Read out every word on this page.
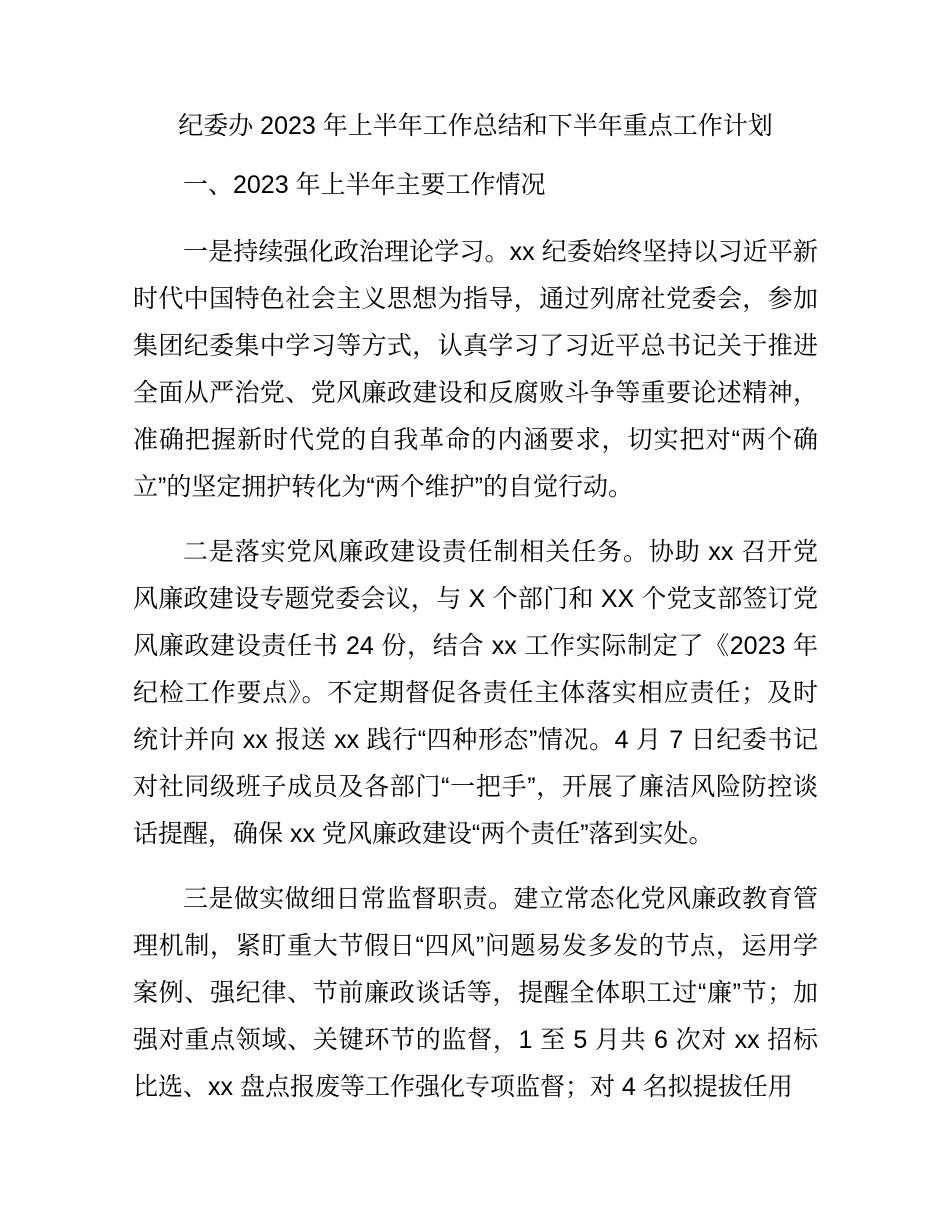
纪委办 2023 年上半年工作总结和下半年重点工作计划
一、2023 年上半年主要工作情况

一是持续强化政治理论学习。xx 纪委始终坚持以习近平新时代中国特色社会主义思想为指导，通过列席社党委会，参加集团纪委集中学习等方式，认真学习了习近平总书记关于推进全面从严治党、党风廉政建设和反腐败斗争等重要论述精神，准确把握新时代党的自我革命的内涵要求，切实把对“两个确立”的坚定拥护转化为“两个维护”的自觉行动。

二是落实党风廉政建设责任制相关任务。协助 xx 召开党风廉政建设专题党委会议，与 X 个部门和 XX 个党支部签订党风廉政建设责任书 24 份，结合 xx 工作实际制定了《2023 年纪检工作要点》。不定期督促各责任主体落实相应责任；及时统计并向 xx 报送 xx 践行“四种形态”情况。4 月 7 日纪委书记对社同级班子成员及各部门“一把手”，开展了廉洁风险防控谈话提醒，确保 xx 党风廉政建设“两个责任”落到实处。

三是做实做细日常监督职责。建立常态化党风廉政教育管理机制，紧盯重大节假日“四风”问题易发多发的节点，运用学案例、强纪律、节前廉政谈话等，提醒全体职工过“廉”节；加强对重点领域、关键环节的监督，1 至 5 月共 6 次对 xx 招标比选、xx 盘点报废等工作强化专项监督；对 4 名拟提拔任用
